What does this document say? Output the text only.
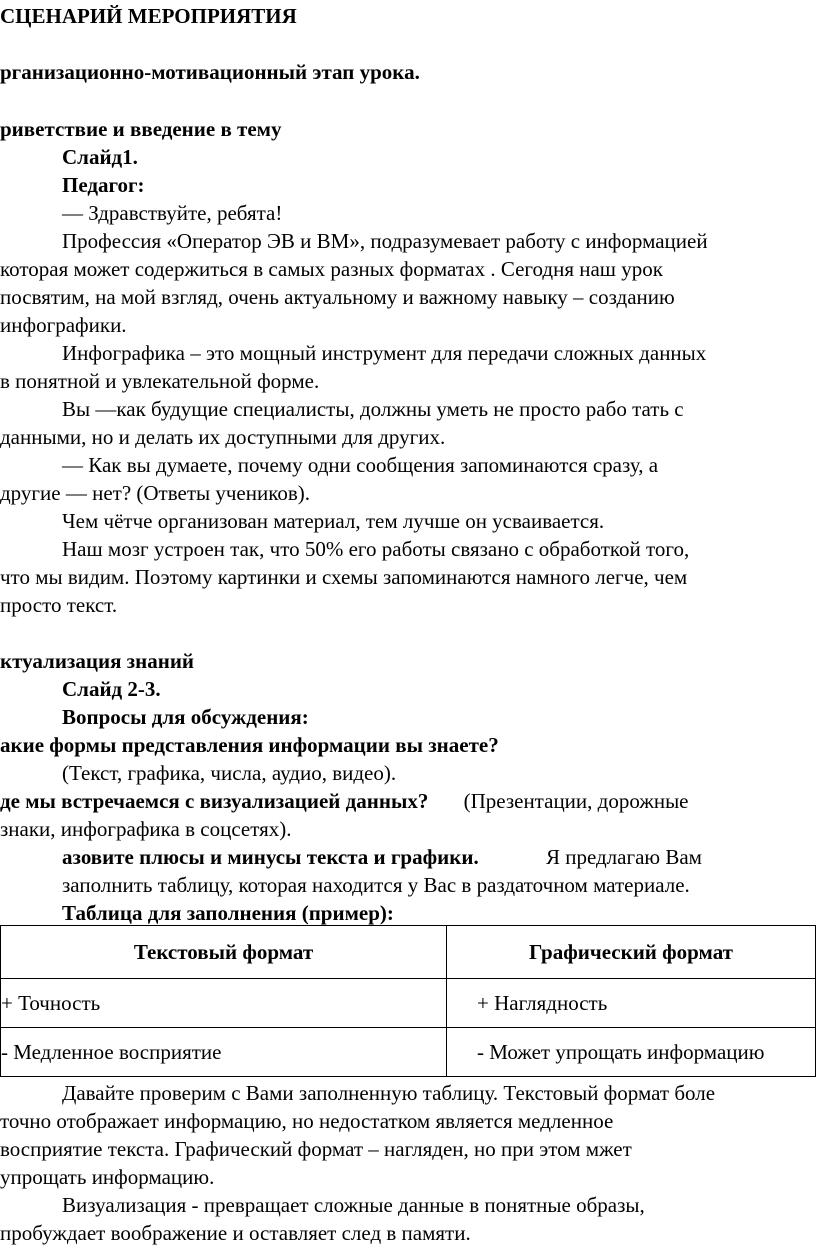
СЦЕНАРИЙ МЕРОПРИЯТИЯ
рганизационно-мотивационный этап урока.
риветствие и введение в тему
Слайд1.
Педагог:
— Здравствуйте, ребята!
Профессия «Оператор ЭВ и ВМ», подразумевает работу с информацией
которая может содержиться в самых разных форматах . Сегодня наш урок
посвятим, на мой взгляд, очень актуальному и важному навыку – созданию
инфографики.
Инфографика – это мощный инструмент для передачи сложных данных
в понятной и увлекательной форме.
Вы —как будущие специалисты, должны уметь не просто рабо тать с
данными, но и делать их доступными для других.
— Как вы думаете, почему одни сообщения запоминаются сразу, а
другие — нет? (Ответы учеников).
Чем чётче организован материал, тем лучше он усваивается.
Наш мозг устроен так, что 50% его работы связано с обработкой того,
что мы видим. Поэтому картинки и схемы запоминаются намного легче, чем
просто текст.
ктуализация знаний
Слайд 2-3.
Вопросы для обсуждения:
акие формы представления информации вы знаете?
(Текст, графика, числа, аудио, видео).
де мы встречаемся с визуализацией данных? (Презентации, дорожные
знаки, инфографика в соцсетях).
азовите плюсы и минусы текста и графики.	Я предлагаю Вам
заполнить таблицу, которая находится у Вас в раздаточном материале.
Таблица для заполнения (пример):
Текстовый формат	Графический формат
+ Точность	+ Наглядность
- Медленное восприятие	- Может упрощать информацию
Давайте проверим с Вами заполненную таблицу. Текстовый формат боле
точно отображает информацию, но недостатком является медленное
восприятие текста. Графический формат – нагляден, но при этом мжет
упрощать информацию.
Визуализация - превращает сложные данные в понятные образы,
пробуждает воображение и оставляет след в памяти.
